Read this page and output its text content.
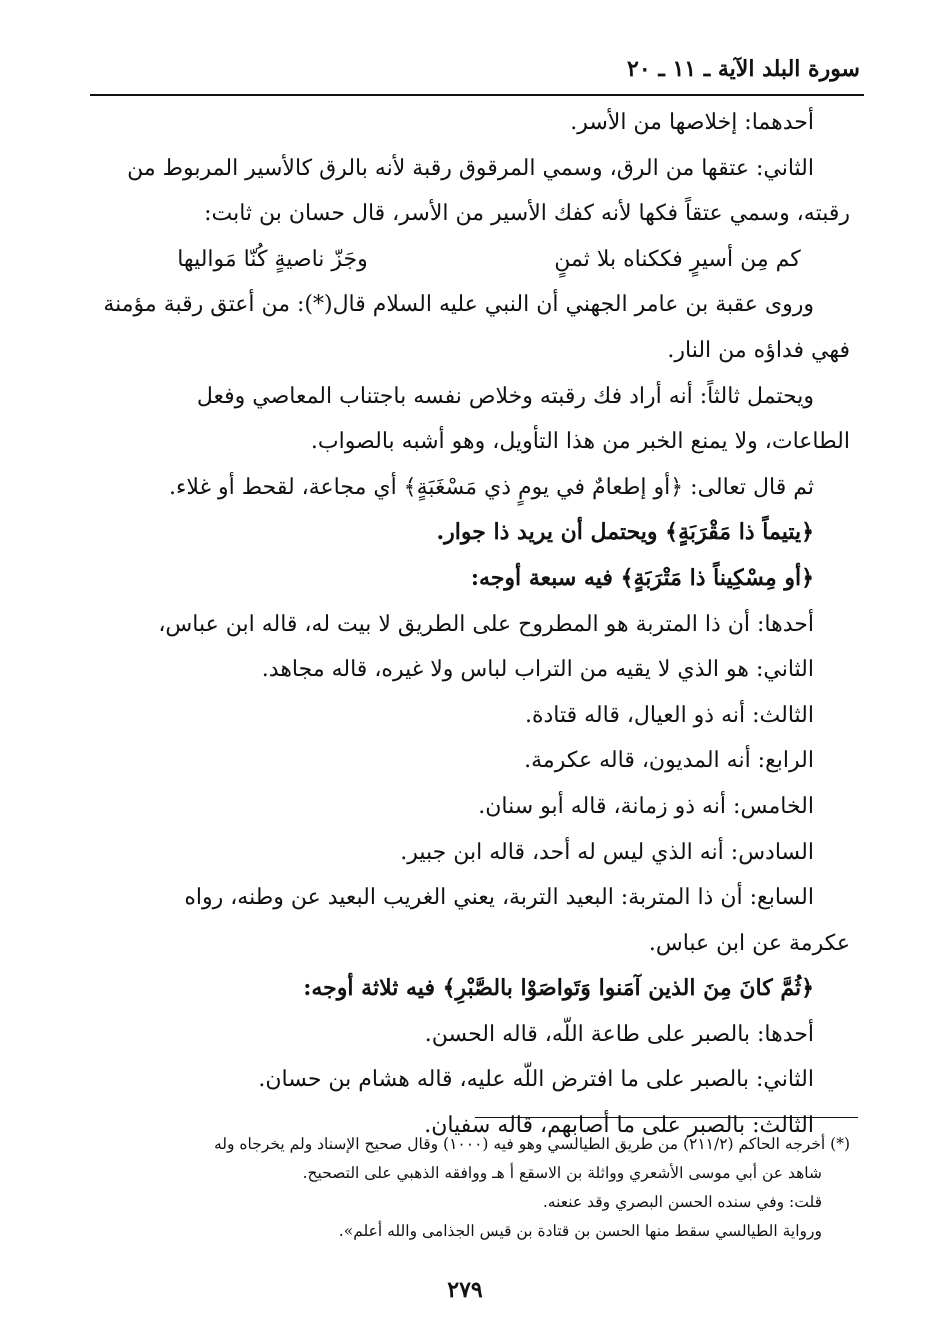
سورة البلد الآية ـ ١١ ـ ٢٠
أحدهما: إخلاصها من الأسر.
الثاني: عتقها من الرق، وسمي المرقوق رقبة لأنه بالرق كالأسير المربوط من
رقبته، وسمي عتقاً فكها لأنه كفك الأسير من الأسر، قال حسان بن ثابت:
كم مِن أسيرٍ فككناه بلا ثمنٍ
وجَزّ ناصيةٍ كُنّا مَواليها
وروى عقبة بن عامر الجهني أن النبي عليه السلام قال(*): من أعتق رقبة مؤمنة
فهي فداؤه من النار.
ويحتمل ثالثاً: أنه أراد فك رقبته وخلاص نفسه باجتناب المعاصي وفعل
الطاعات، ولا يمنع الخبر من هذا التأويل، وهو أشبه بالصواب.
ثم قال تعالى: ﴿أو إطعامٌ في يومٍ ذي مَسْغَبَةٍ﴾ أي مجاعة، لقحط أو غلاء.
﴿يتيماً ذا مَقْرَبَةٍ﴾ ويحتمل أن يريد ذا جوار.
﴿أو مِسْكِيناً ذا مَتْرَبَةٍ﴾ فيه سبعة أوجه:
أحدها: أن ذا المتربة هو المطروح على الطريق لا بيت له، قاله ابن عباس،
الثاني: هو الذي لا يقيه من التراب لباس ولا غيره، قاله مجاهد.
الثالث: أنه ذو العيال، قاله قتادة.
الرابع: أنه المديون، قاله عكرمة.
الخامس: أنه ذو زمانة، قاله أبو سنان.
السادس: أنه الذي ليس له أحد، قاله ابن جبير.
السابع: أن ذا المتربة: البعيد التربة، يعني الغريب البعيد عن وطنه، رواه
عكرمة عن ابن عباس.
﴿ثُمَّ كانَ مِنَ الذين آمَنوا وَتَواصَوْا بالصَّبْرِ﴾ فيه ثلاثة أوجه:
أحدها: بالصبر على طاعة اللّه، قاله الحسن.
الثاني: بالصبر على ما افترض اللّه عليه، قاله هشام بن حسان.
الثالث: بالصبر على ما أصابهم، قاله سفيان.
(*) أخرجه الحاكم (٢١١/٢) من طريق الطيالسي وهو فيه (١٠٠٠) وقال صحيح الإسناد ولم يخرجاه وله
شاهد عن أبي موسى الأشعري وواثلة بن الاسقع أ هـ ووافقه الذهبي على التصحيح.
قلت: وفي سنده الحسن البصري وقد عنعنه.
ورواية الطيالسي سقط منها الحسن بن قتادة بن قيس الجذامى والله أعلم».
٢٧٩
